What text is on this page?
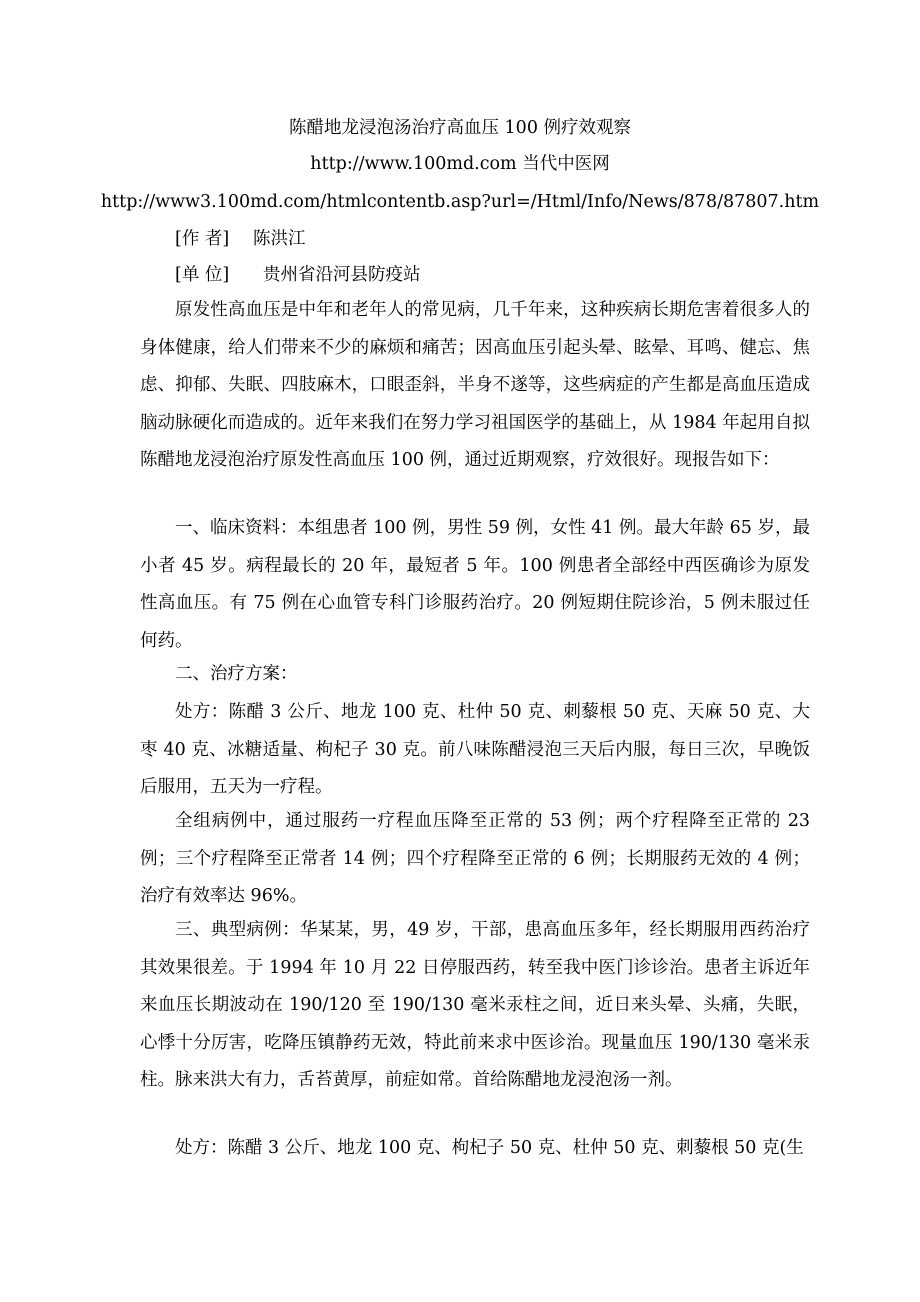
陈醋地龙浸泡汤治疗高血压 100 例疗效观察
http://www.100md.com 当代中医网
http://www3.100md.com/htmlcontentb.asp?url=/Html/Info/News/878/87807.htm
[作 者] 陈洪江
[单 位] 贵州省沿河县防疫站

原发性高血压是中年和老年人的常见病，几千年来，这种疾病长期危害着很多人的身体健康，给人们带来不少的麻烦和痛苦；因高血压引起头晕、眩晕、耳鸣、健忘、焦虑、抑郁、失眠、四肢麻木，口眼歪斜，半身不遂等，这些病症的产生都是高血压造成脑动脉硬化而造成的。近年来我们在努力学习祖国医学的基础上，从 1984 年起用自拟陈醋地龙浸泡治疗原发性高血压 100 例，通过近期观察，疗效很好。现报告如下：

一、临床资料：本组患者 100 例，男性 59 例，女性 41 例。最大年龄 65 岁，最小者 45 岁。病程最长的 20 年，最短者 5 年。100 例患者全部经中西医确诊为原发性高血压。有 75 例在心血管专科门诊服药治疗。20 例短期住院诊治，5 例未服过任何药。

二、治疗方案：

处方：陈醋 3 公斤、地龙 100 克、杜仲 50 克、刺藜根 50 克、天麻 50 克、大枣 40 克、冰糖适量、枸杞子 30 克。前八味陈醋浸泡三天后内服，每日三次，早晚饭后服用，五天为一疗程。

全组病例中，通过服药一疗程血压降至正常的 53 例；两个疗程降至正常的 23 例；三个疗程降至正常者 14 例；四个疗程降至正常的 6 例；长期服药无效的 4 例；治疗有效率达 96%。

三、典型病例：华某某，男，49 岁，干部，患高血压多年，经长期服用西药治疗其效果很差。于 1994 年 10 月 22 日停服西药，转至我中医门诊诊治。患者主诉近年来血压长期波动在 190/120 至 190/130 毫米汞柱之间，近日来头晕、头痛，失眠，心悸十分厉害，吃降压镇静药无效，特此前来求中医诊治。现量血压 190/130 毫米汞柱。脉来洪大有力，舌苔黄厚，前症如常。首给陈醋地龙浸泡汤一剂。

处方：陈醋 3 公斤、地龙 100 克、枸杞子 50 克、杜仲 50 克、刺藜根 50 克(生
